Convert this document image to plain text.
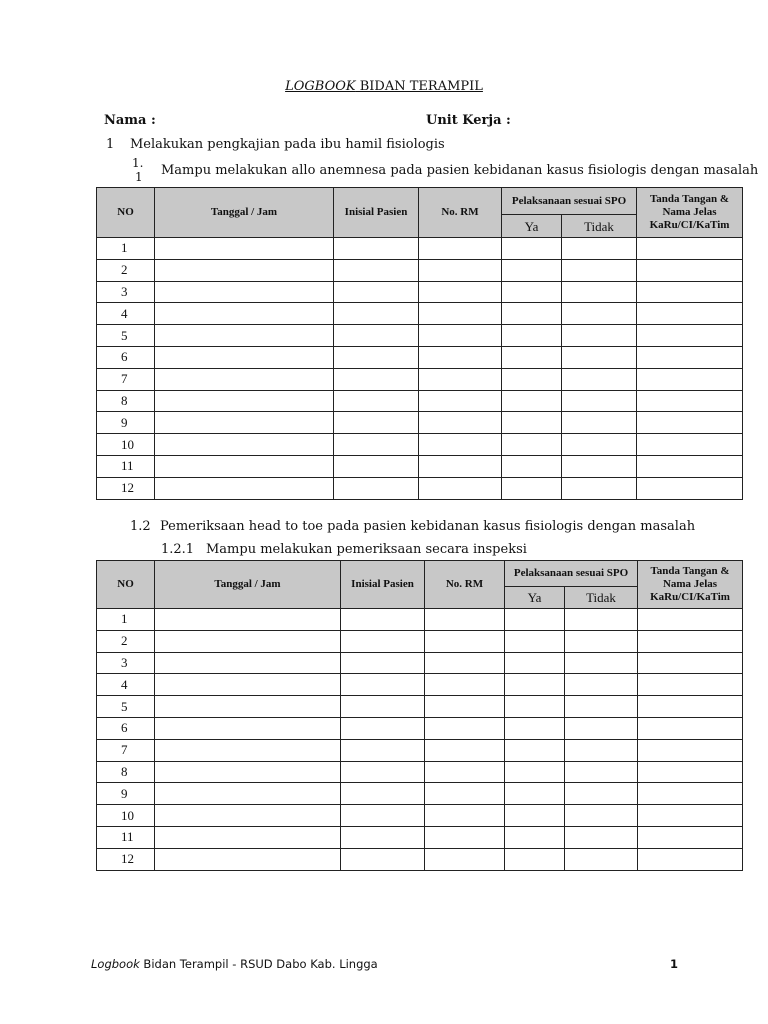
LOGBOOK BIDAN TERAMPIL
Nama :	Unit Kerja :
1 Melakukan pengkajian pada ibu hamil fisiologis
1.
1 Mampu melakukan allo anemnesa pada pasien kebidanan kasus fisiologis dengan masalah
NO	Tanggal / Jam	Inisial Pasien	No. RM	Pelaksanaan sesuai SPO		Tanda Tangan & Nama Jelas KaRu/CI/KaTim
				Ya	Tidak	
1						
2						
3						
4						
5						
6						
7						
8						
9						
10						
11						
12						
1.2 Pemeriksaan head to toe pada pasien kebidanan kasus fisiologis dengan masalah
1.2.1 Mampu melakukan pemeriksaan secara inspeksi
NO	Tanggal / Jam	Inisial Pasien	No. RM	Pelaksanaan sesuai SPO		Tanda Tangan & Nama Jelas KaRu/CI/KaTim
				Ya	Tidak	
1						
2						
3						
4						
5						
6						
7						
8						
9						
10						
11						
12						
Logbook Bidan Terampil - RSUD Dabo Kab. Lingga	1
